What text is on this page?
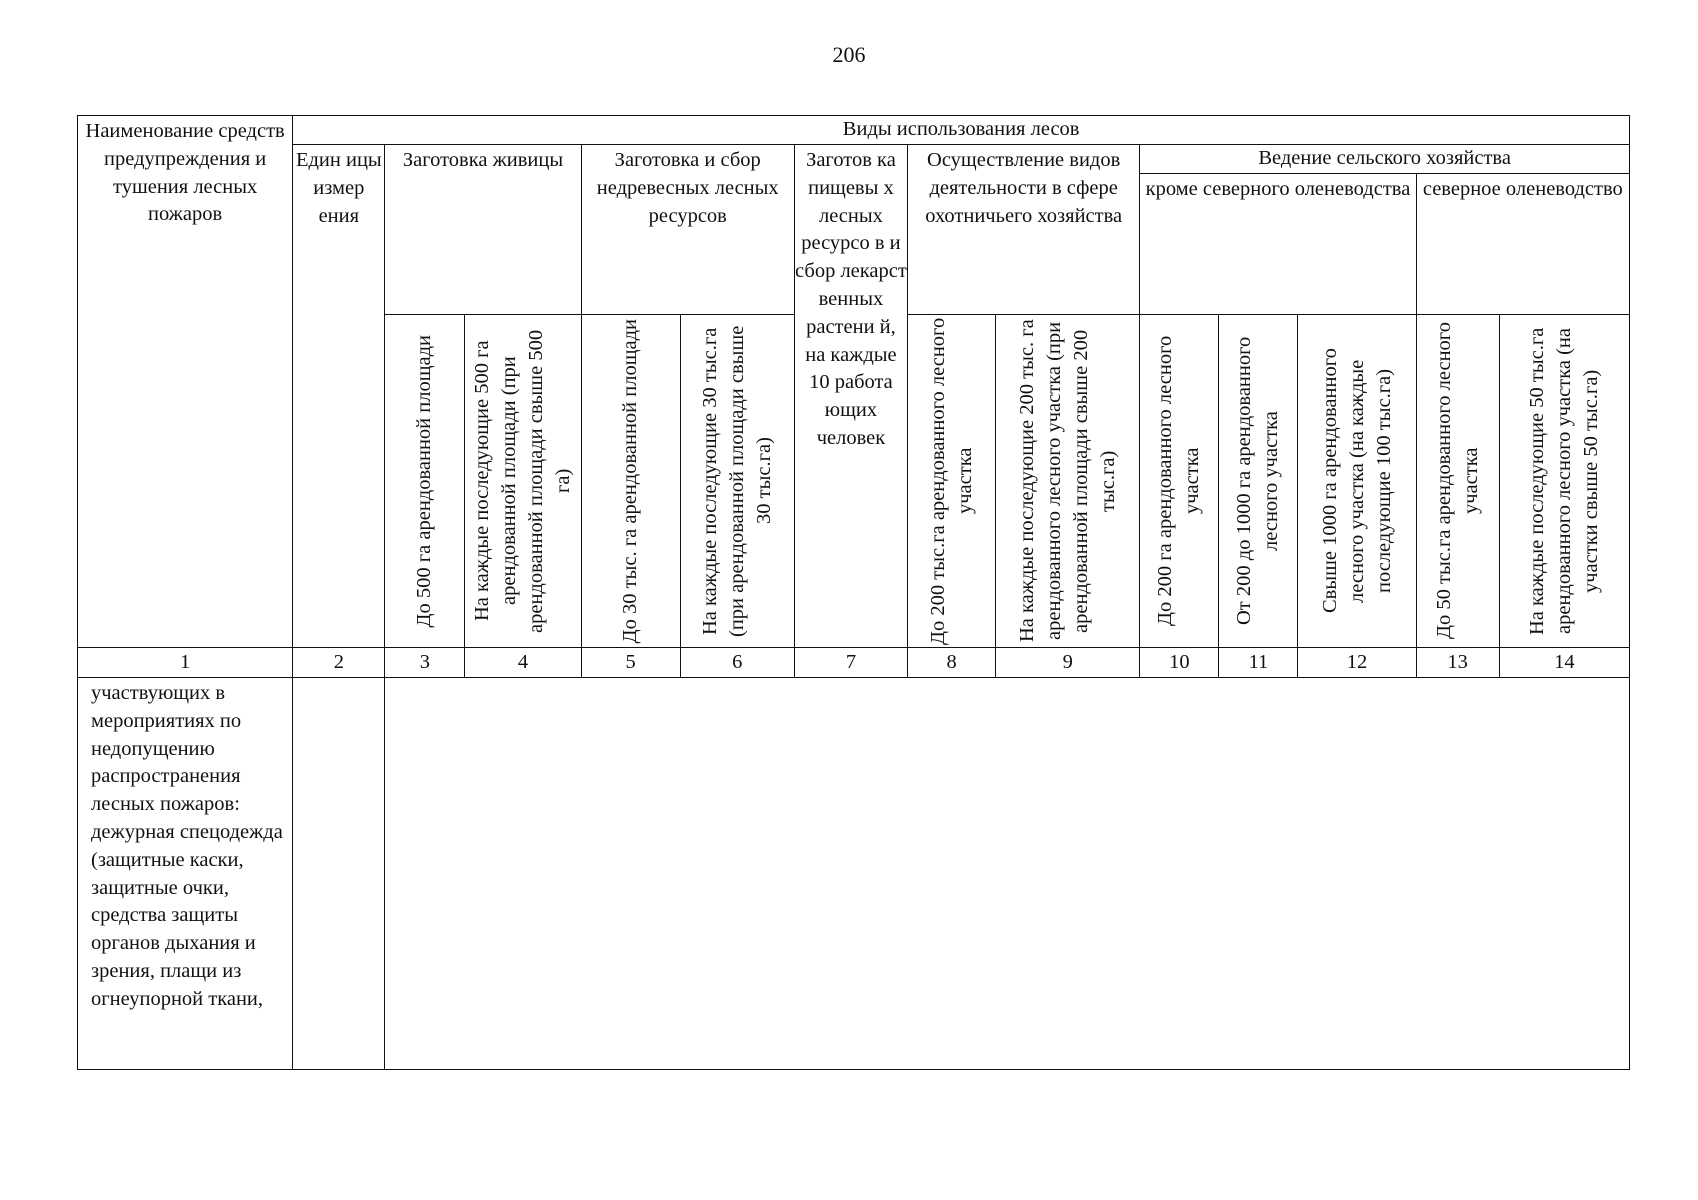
206
Наименование средств предупреждения и тушения лесных пожаров	Виды использования лесов												
	Един ицы измер ения	Заготовка живицы		Заготовка и сбор недревесных лесных ресурсов		Заготов ка пищевы х лесных ресурсо в и сбор лекарст венных растени й, на каждые 10 работа ющих человек	Осуществление видов деятельности в сфере охотничьего хозяйства		Ведение сельского хозяйства				
									кроме северного оленеводства			северное оленеводство	

		До 500 га арендованной площади	На каждые последующие 500 га арендованной площади (при арендованной площади свыше 500 га)	До 30 тыс. га арендованной площади	На каждые последующие 30 тыс.га (при арендованной площади свыше 30 тыс.га)		До 200 тыс.га арендованного лесного участка	На каждые последующие 200 тыс. га арендованного лесного участка (при арендованной площади свыше 200 тыс.га)	До 200 га арендованного лесного участка	От 200 до 1000 га арендованного лесного участка	Свыше 1000 га арендованного лесного участка (на каждые последующие 100 тыс.га)	До 50 тыс.га арендованного лесного участка	На каждые последующие 50 тыс.га арендованного лесного участка (на участки свыше 50 тыс.га)

1	2	3	4	5	6	7	8	9	10	11	12	13	14
участвующих в мероприятиях по недопущению распространения лесных пожаров: дежурная спецодежда (защитные каски, защитные очки, средства защиты органов дыхания и зрения, плащи из огнеупорной ткани,													
